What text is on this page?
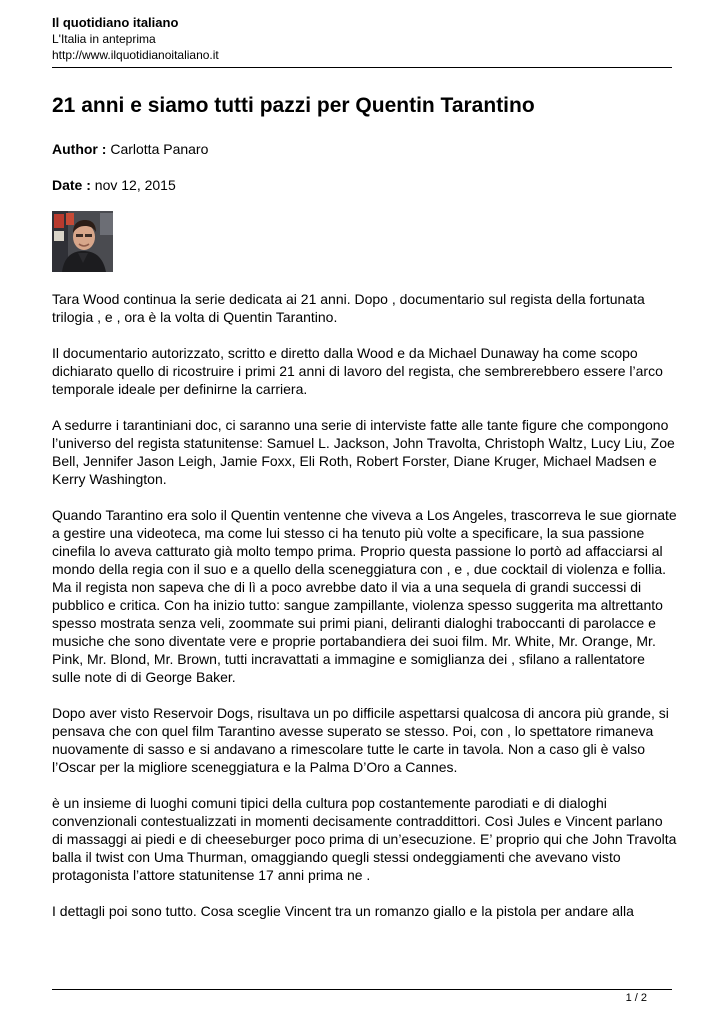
Il quotidiano italiano
L'Italia in anteprima
http://www.ilquotidianoitaliano.it
21 anni e siamo tutti pazzi per Quentin Tarantino
Author : Carlotta Panaro
Date : nov 12, 2015

Tara Wood continua la serie dedicata ai 21 anni. Dopo , documentario sul regista della fortunata trilogia , e , ora è la volta di Quentin Tarantino.

Il documentario autorizzato, scritto e diretto dalla Wood e da Michael Dunaway ha come scopo dichiarato quello di ricostruire i primi 21 anni di lavoro del regista, che sembrerebbero essere l’arco temporale ideale per definirne la carriera.

A sedurre i tarantiniani doc, ci saranno una serie di interviste fatte alle tante figure che compongono l’universo del regista statunitense: Samuel L. Jackson, John Travolta, Christoph Waltz, Lucy Liu, Zoe Bell, Jennifer Jason Leigh, Jamie Foxx, Eli Roth, Robert Forster, Diane Kruger, Michael Madsen e Kerry Washington.

Quando Tarantino era solo il Quentin ventenne che viveva a Los Angeles, trascorreva le sue giornate a gestire una videoteca, ma come lui stesso ci ha tenuto più volte a specificare, la sua passione cinefila lo aveva catturato già molto tempo prima. Proprio questa passione lo portò ad affacciarsi al mondo della regia con il suo e a quello della sceneggiatura con , e , due cocktail di violenza e follia. Ma il regista non sapeva che di lì a poco avrebbe dato il via a una sequela di grandi successi di pubblico e critica. Con ha inizio tutto: sangue zampillante, violenza spesso suggerita ma altrettanto spesso mostrata senza veli, zoommate sui primi piani, deliranti dialoghi traboccanti di parolacce e musiche che sono diventate vere e proprie portabandiera dei suoi film. Mr. White, Mr. Orange, Mr. Pink, Mr. Blond, Mr. Brown, tutti incravattati a immagine e somiglianza dei , sfilano a rallentatore sulle note di di George Baker.

Dopo aver visto Reservoir Dogs, risultava un po difficile aspettarsi qualcosa di ancora più grande, si pensava che con quel film Tarantino avesse superato se stesso. Poi, con , lo spettatore rimaneva nuovamente di sasso e si andavano a rimescolare tutte le carte in tavola. Non a caso gli è valso l’Oscar per la migliore sceneggiatura e la Palma D’Oro a Cannes.

è un insieme di luoghi comuni tipici della cultura pop costantemente parodiati e di dialoghi convenzionali contestualizzati in momenti decisamente contraddittori. Così Jules e Vincent parlano di massaggi ai piedi e di cheeseburger poco prima di un’esecuzione. E’ proprio qui che John Travolta balla il twist con Uma Thurman, omaggiando quegli stessi ondeggiamenti che avevano visto protagonista l’attore statunitense 17 anni prima ne .

I dettagli poi sono tutto. Cosa sceglie Vincent tra un romanzo giallo e la pistola per andare alla

1 / 2
